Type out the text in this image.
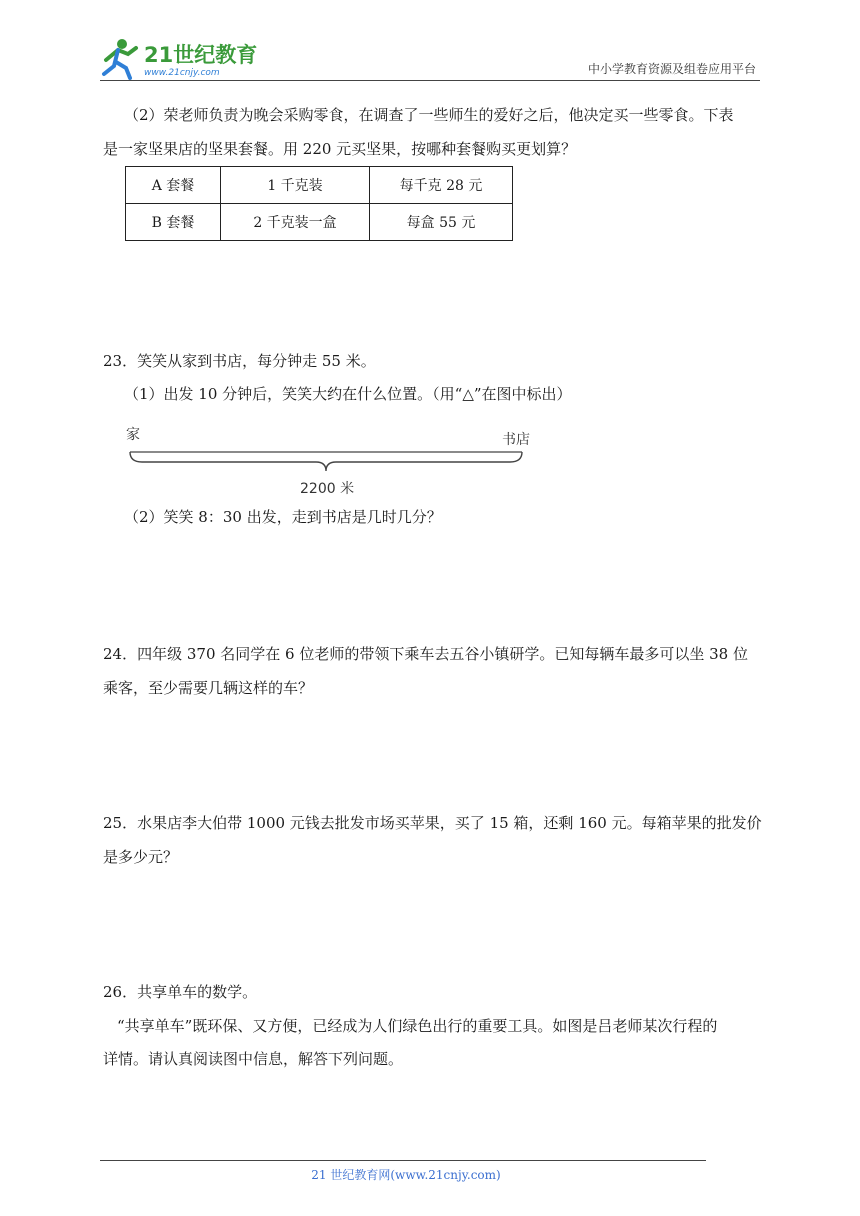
21世纪教育
www.21cnjy.com	中小学教育资源及组卷应用平台
（2）荣老师负责为晚会采购零食，在调查了一些师生的爱好之后，他决定买一些零食。下表
是一家坚果店的坚果套餐。用 220 元买坚果，按哪种套餐购买更划算？
A 套餐	1 千克装	每千克 28 元
B 套餐	2 千克装一盒	每盒 55 元
23．笑笑从家到书店，每分钟走 55 米。
（1）出发 10 分钟后，笑笑大约在什么位置。（用“△”在图中标出）
家	书店
2200 米
（2）笑笑 8：30 出发，走到书店是几时几分？
24．四年级 370 名同学在 6 位老师的带领下乘车去五谷小镇研学。已知每辆车最多可以坐 38 位
乘客，至少需要几辆这样的车？
25．水果店李大伯带 1000 元钱去批发市场买苹果，买了 15 箱，还剩 160 元。每箱苹果的批发价
是多少元？
26．共享单车的数学。
“共享单车”既环保、又方便，已经成为人们绿色出行的重要工具。如图是吕老师某次行程的
详情。请认真阅读图中信息，解答下列问题。
21 世纪教育网(www.21cnjy.com)
